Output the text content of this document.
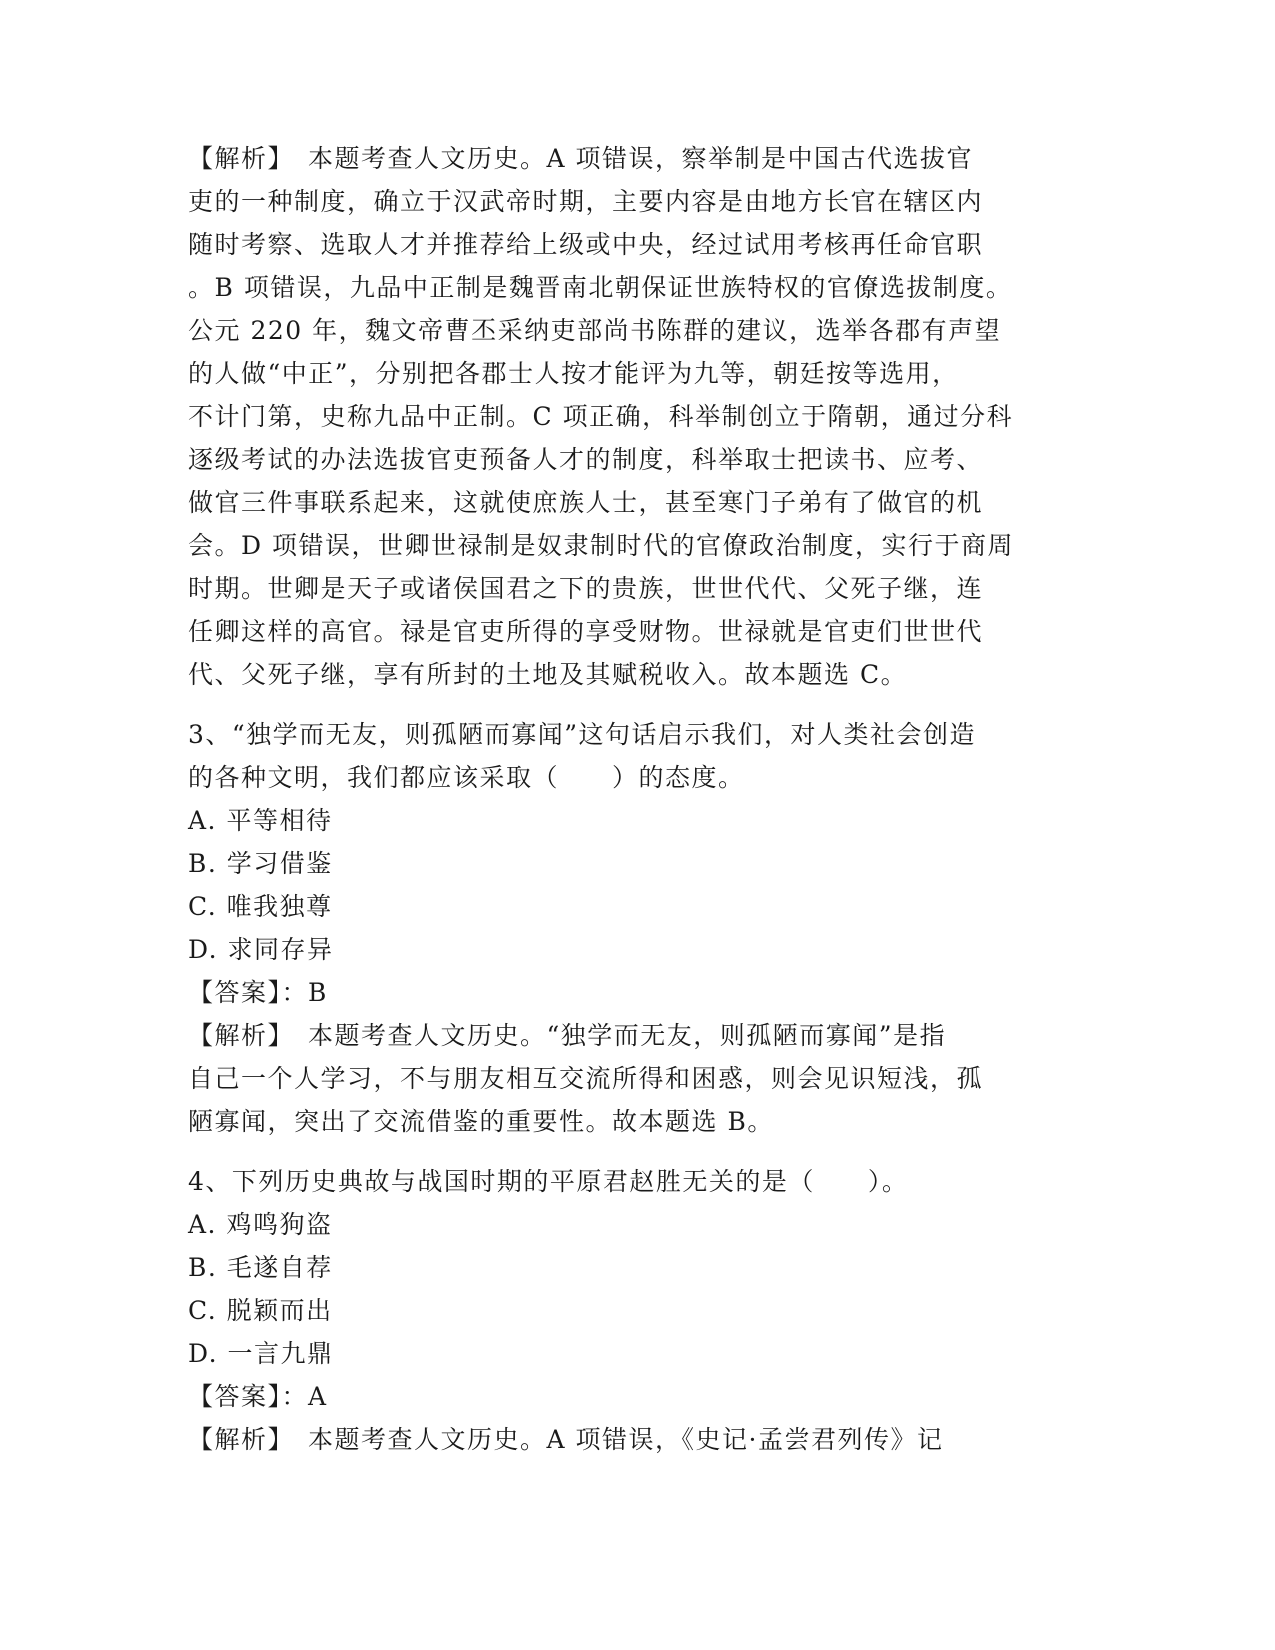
【解析】　本题考查人文历史。A 项错误，察举制是中国古代选拔官
吏的一种制度，确立于汉武帝时期，主要内容是由地方长官在辖区内
随时考察、选取人才并推荐给上级或中央，经过试用考核再任命官职
。B 项错误，九品中正制是魏晋南北朝保证世族特权的官僚选拔制度。
公元 220 年，魏文帝曹丕采纳吏部尚书陈群的建议，选举各郡有声望
的人做“中正”，分别把各郡士人按才能评为九等，朝廷按等选用，
不计门第，史称九品中正制。C 项正确，科举制创立于隋朝，通过分科
逐级考试的办法选拔官吏预备人才的制度，科举取士把读书、应考、
做官三件事联系起来，这就使庶族人士，甚至寒门子弟有了做官的机
会。D 项错误，世卿世禄制是奴隶制时代的官僚政治制度，实行于商周
时期。世卿是天子或诸侯国君之下的贵族，世世代代、父死子继，连
任卿这样的高官。禄是官吏所得的享受财物。世禄就是官吏们世世代
代、父死子继，享有所封的土地及其赋税收入。故本题选 C。
3、“独学而无友，则孤陋而寡闻”这句话启示我们，对人类社会创造
的各种文明，我们都应该采取（　　）的态度。
A. 平等相待
B. 学习借鉴
C. 唯我独尊
D. 求同存异
【答案】：B
【解析】　本题考查人文历史。“独学而无友，则孤陋而寡闻”是指
自己一个人学习，不与朋友相互交流所得和困惑，则会见识短浅，孤
陋寡闻，突出了交流借鉴的重要性。故本题选 B。
4、下列历史典故与战国时期的平原君赵胜无关的是（　　）。
A. 鸡鸣狗盗
B. 毛遂自荐
C. 脱颖而出
D. 一言九鼎
【答案】：A
【解析】　本题考查人文历史。A 项错误，《史记·孟尝君列传》记
